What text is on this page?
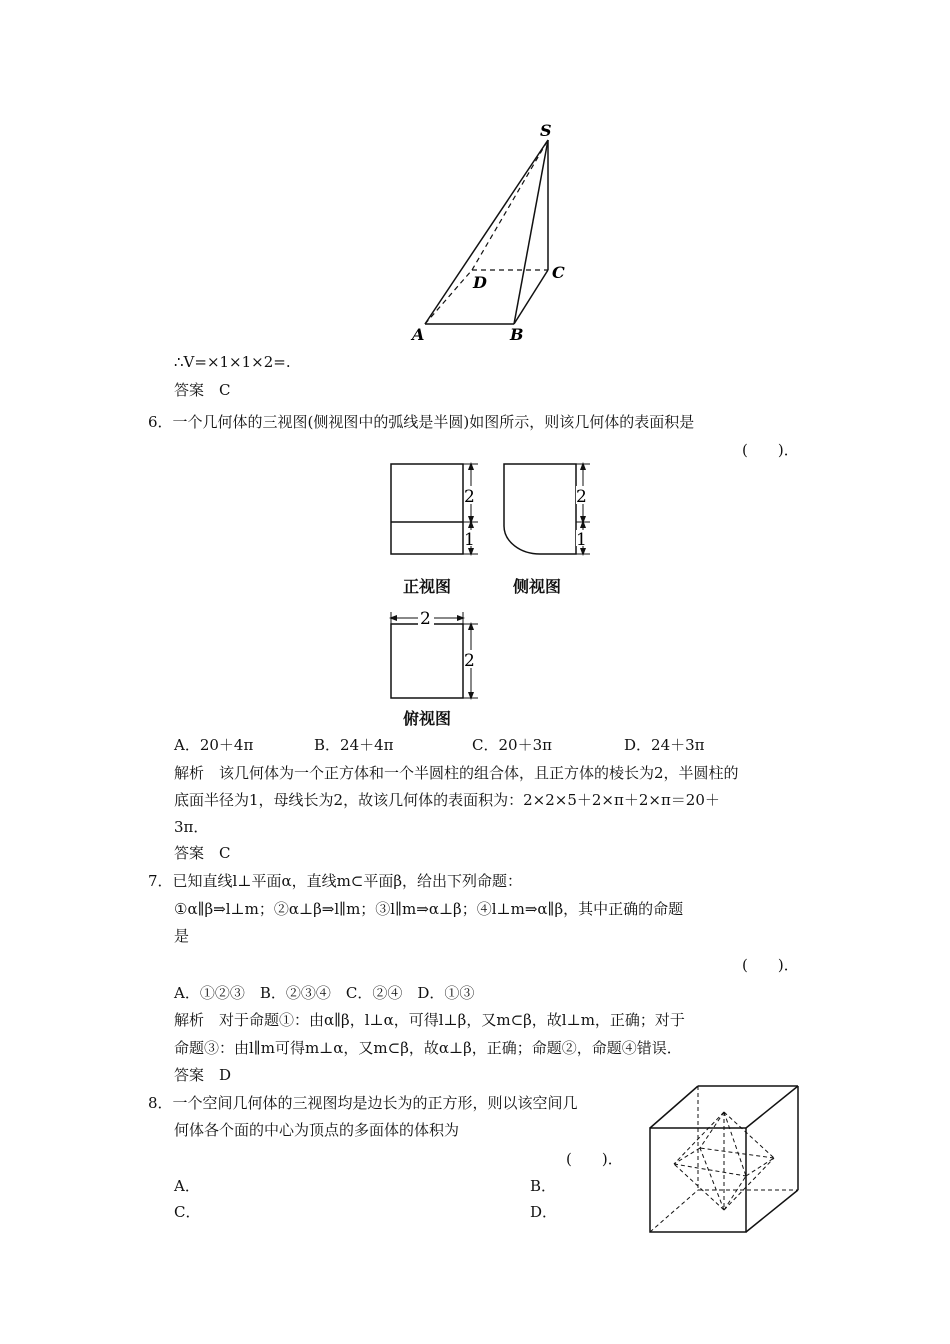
S
C
D
A	B
∴V=×1×1×2=.
答案　C
6．一个几何体的三视图(侧视图中的弧线是半圆)如图所示，则该几何体的表面积是
(　　)．
2
1
2
1
正视图	侧视图
2
2
俯视图
A．20＋4π	B．24＋4π	C．20＋3π	D．24＋3π
解析　该几何体为一个正方体和一个半圆柱的组合体，且正方体的棱长为2，半圆柱的
底面半径为1，母线长为2，故该几何体的表面积为：2×2×5＋2×π＋2×π＝20＋
3π．
答案　C
7．已知直线l⊥平面α，直线m⊂平面β，给出下列命题：
①α∥β⇒l⊥m；②α⊥β⇒l∥m；③l∥m⇒α⊥β；④l⊥m⇒α∥β，其中正确的命题
是
(　　)．
A．①②③　B．②③④　C．②④　D．①③
解析　对于命题①：由α∥β，l⊥α，可得l⊥β，又m⊂β，故l⊥m，正确；对于
命题③：由l∥m可得m⊥α，又m⊂β，故α⊥β，正确；命题②，命题④错误．
答案　D
8．一个空间几何体的三视图均是边长为的正方形，则以该空间几
何体各个面的中心为顶点的多面体的体积为
(　　)．
A．	B．
C．	D．
